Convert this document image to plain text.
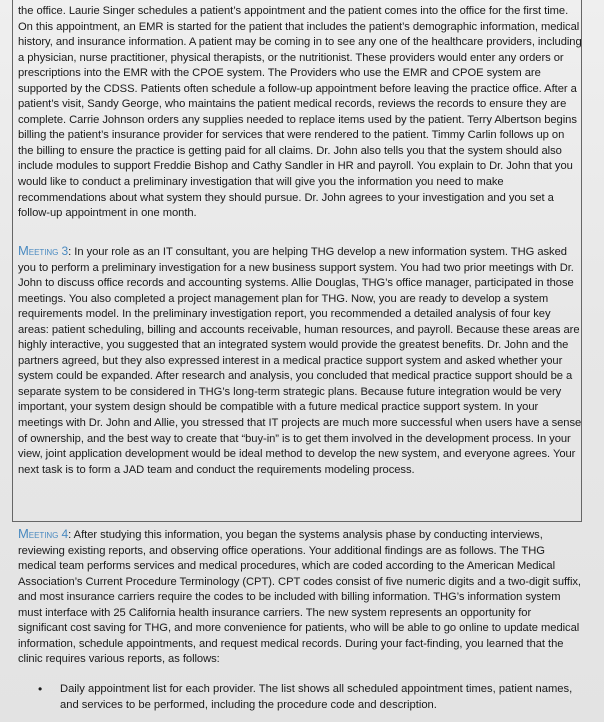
the office. Laurie Singer schedules a patient’s appointment and the patient comes into the office for the first time. On this appointment, an EMR is started for the patient that includes the patient’s demographic information, medical history, and insurance information. A patient may be coming in to see any one of the healthcare providers, including a physician, nurse practitioner, physical therapists, or the nutritionist. These providers would enter any orders or prescriptions into the EMR with the CPOE system. The Providers who use the EMR and CPOE system are supported by the CDSS. Patients often schedule a follow-up appointment before leaving the practice office. After a patient’s visit, Sandy George, who maintains the patient medical records, reviews the records to ensure they are complete. Carrie Johnson orders any supplies needed to replace items used by the patient. Terry Albertson begins billing the patient’s insurance provider for services that were rendered to the patient. Timmy Carlin follows up on the billing to ensure the practice is getting paid for all claims. Dr. John also tells you that the system should also include modules to support Freddie Bishop and Cathy Sandler in HR and payroll. You explain to Dr. John that you would like to conduct a preliminary investigation that will give you the information you need to make recommendations about what system they should pursue. Dr. John agrees to your investigation and you set a follow-up appointment in one month.

Meeting 3: In your role as an IT consultant, you are helping THG develop a new information system. THG asked you to perform a preliminary investigation for a new business support system. You had two prior meetings with Dr. John to discuss office records and accounting systems. Allie Douglas, THG’s office manager, participated in those meetings. You also completed a project management plan for THG. Now, you are ready to develop a system requirements model. In the preliminary investigation report, you recommended a detailed analysis of four key areas: patient scheduling, billing and accounts receivable, human resources, and payroll. Because these areas are highly interactive, you suggested that an integrated system would provide the greatest benefits. Dr. John and the partners agreed, but they also expressed interest in a medical practice support system and asked whether your system could be expanded. After research and analysis, you concluded that medical practice support should be a separate system to be considered in THG’s long-term strategic plans. Because future integration would be very important, your system design should be compatible with a future medical practice support system. In your meetings with Dr. John and Allie, you stressed that IT projects are much more successful when users have a sense of ownership, and the best way to create that “buy-in” is to get them involved in the development process. In your view, joint application development would be ideal method to develop the new system, and everyone agrees. Your next task is to form a JAD team and conduct the requirements modeling process.

Meeting 4: After studying this information, you began the systems analysis phase by conducting interviews, reviewing existing reports, and observing office operations. Your additional findings are as follows. The THG medical team performs services and medical procedures, which are coded according to the American Medical Association’s Current Procedure Terminology (CPT). CPT codes consist of five numeric digits and a two-digit suffix, and most insurance carriers require the codes to be included with billing information. THG’s information system must interface with 25 California health insurance carriers. The new system represents an opportunity for significant cost saving for THG, and more convenience for patients, who will be able to go online to update medical information, schedule appointments, and request medical records. During your fact-finding, you learned that the clinic requires various reports, as follows:

• Daily appointment list for each provider. The list shows all scheduled appointment times, patient names, and services to be performed, including the procedure code and description.
